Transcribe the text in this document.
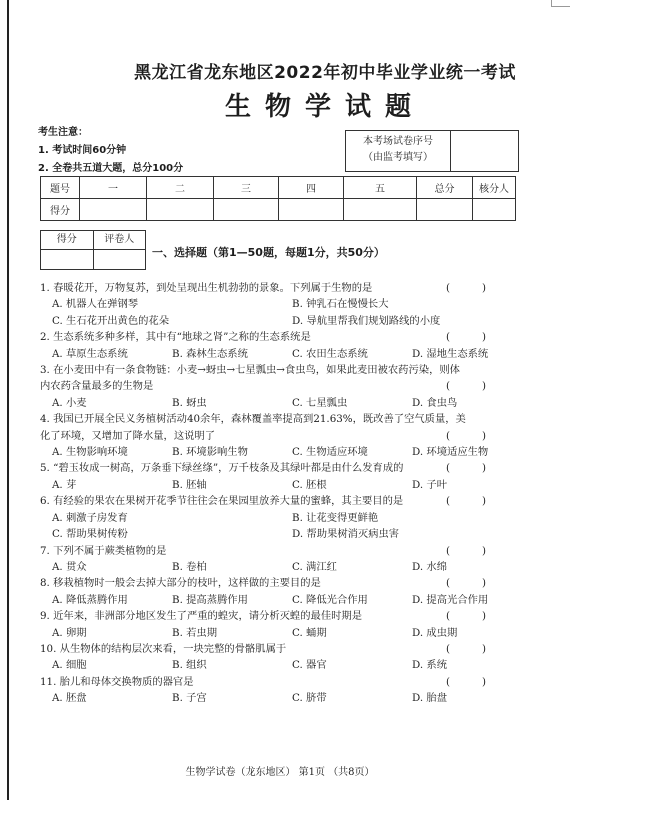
黑龙江省龙东地区2022年初中毕业学业统一考试
生物学试题
考生注意：
1. 考试时间60分钟
2. 全卷共五道大题，总分100分
本考场试卷序号
（由监考填写）
题号	一	二	三	四	五	总分	核分人
得分							
得分	评卷人
一、选择题（第1—50题，每题1分，共50分）
1. 春暖花开，万物复苏，到处呈现出生机勃勃的景象。下列属于生物的是	()
A. 机器人在弹钢琴	B. 钟乳石在慢慢长大
C. 生石花开出黄色的花朵	D. 导航里帮我们规划路线的小度
2. 生态系统多种多样，其中有“地球之肾”之称的生态系统是	()
A. 草原生态系统	B. 森林生态系统	C. 农田生态系统	D. 湿地生态系统
3. 在小麦田中有一条食物链：小麦→蚜虫→七星瓢虫→食虫鸟，如果此麦田被农药污染，则体内农药含量最多的生物是	()
A. 小麦	B. 蚜虫	C. 七星瓢虫	D. 食虫鸟
4. 我国已开展全民义务植树活动40余年，森林覆盖率提高到21.63%，既改善了空气质量，美化了环境，又增加了降水量，这说明了	()
A. 生物影响环境	B. 环境影响生物	C. 生物适应环境	D. 环境适应生物
5. “碧玉妆成一树高，万条垂下绿丝绦”，万千枝条及其绿叶都是由什么发育成的	()
A. 芽	B. 胚轴	C. 胚根	D. 子叶
6. 有经验的果农在果树开花季节往往会在果园里放养大量的蜜蜂，其主要目的是	()
A. 刺激子房发育	B. 让花变得更鲜艳
C. 帮助果树传粉	D. 帮助果树消灭病虫害
7. 下列不属于蕨类植物的是	()
A. 贯众	B. 卷柏	C. 满江红	D. 水绵
8. 移栽植物时一般会去掉大部分的枝叶，这样做的主要目的是	()
A. 降低蒸腾作用	B. 提高蒸腾作用	C. 降低光合作用	D. 提高光合作用
9. 近年来，非洲部分地区发生了严重的蝗灾，请分析灭蝗的最佳时期是	()
A. 卵期	B. 若虫期	C. 蛹期	D. 成虫期
10. 从生物体的结构层次来看，一块完整的骨骼肌属于	()
A. 细胞	B. 组织	C. 器官	D. 系统
11. 胎儿和母体交换物质的器官是	()
A. 胚盘	B. 子宫	C. 脐带	D. 胎盘
生物学试卷（龙东地区） 第1页 （共8页）
